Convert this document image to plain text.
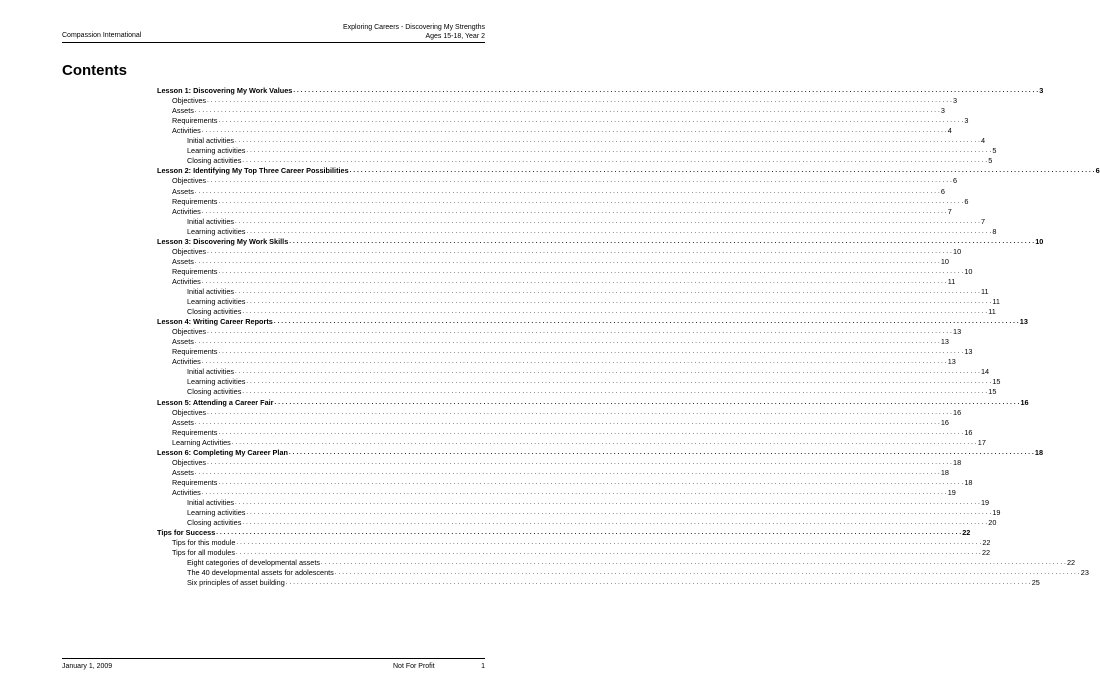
Compassion International
Exploring Careers - Discovering My Strengths
Ages 15-18, Year 2
Contents
Lesson 1: Discovering My Work Values . . . . . . . . . . . . . . . . . . . . . . . . . . . . . . . . . . . . . . . . . . . . . . . . . . . . . . . . . . . . . . . . . . . . . . . . . . . . . . . . . . . . . . . . . . . . . . . . . . . . . . . . . . . . . . . . . . . . . . . . . . . . . . . . . . . . . . . . . . . . . . . . . . . . . . . . . . . . . . . . . . . . . . . . . . . . . . . . . . . . . . . . . . . . . . . . . . . . . . . . 3
Objectives . . . . . . . . . . . . . . . . . . . . . . . . . . . . . . . . . . . . . . . . . . . . . . . . . . . . . . . . . . . . . . . . . . . . . . . . . . . . . . . . . . . . . . . . . . . . . . . . . . . . . . . . . . . . . . . . . . . . . . . . . . . . . . . . . . . . . . . . . . . . . . . . . . . . . . . . . . . . . . . . . . . . . . . . . . . . . . . . . . . . . . . . . . . . . . . . . . . . . . . . 3
Assets . . . . . . . . . . . . . . . . . . . . . . . . . . . . . . . . . . . . . . . . . . . . . . . . . . . . . . . . . . . . . . . . . . . . . . . . . . . . . . . . . . . . . . . . . . . . . . . . . . . . . . . . . . . . . . . . . . . . . . . . . . . . . . . . . . . . . . . . . . . . . . . . . . . . . . . . . . . . . . . . . . . . . . . . . . . . . . . . . . . . . . . . . . . . . . . . . . . . . . . . 3
Requirements . . . . . . . . . . . . . . . . . . . . . . . . . . . . . . . . . . . . . . . . . . . . . . . . . . . . . . . . . . . . . . . . . . . . . . . . . . . . . . . . . . . . . . . . . . . . . . . . . . . . . . . . . . . . . . . . . . . . . . . . . . . . . . . . . . . . . . . . . . . . . . . . . . . . . . . . . . . . . . . . . . . . . . . . . . . . . . . . . . . . . . . . . . . . . . . . . . . . . . . . 3
Activities . . . . . . . . . . . . . . . . . . . . . . . . . . . . . . . . . . . . . . . . . . . . . . . . . . . . . . . . . . . . . . . . . . . . . . . . . . . . . . . . . . . . . . . . . . . . . . . . . . . . . . . . . . . . . . . . . . . . . . . . . . . . . . . . . . . . . . . . . . . . . . . . . . . . . . . . . . . . . . . . . . . . . . . . . . . . . . . . . . . . . . . . . . . . . . . . . . . . . . . . 4
Initial activities . . . . . . . . . . . . . . . . . . . . . . . . . . . . . . . . . . . . . . . . . . . . . . . . . . . . . . . . . . . . . . . . . . . . . . . . . . . . . . . . . . . . . . . . . . . . . . . . . . . . . . . . . . . . . . . . . . . . . . . . . . . . . . . . . . . . . . . . . . . . . . . . . . . . . . . . . . . . . . . . . . . . . . . . . . . . . . . . . . . . . . . . . . . . . . . . . . . . . . . . 4
Learning activities . . . . . . . . . . . . . . . . . . . . . . . . . . . . . . . . . . . . . . . . . . . . . . . . . . . . . . . . . . . . . . . . . . . . . . . . . . . . . . . . . . . . . . . . . . . . . . . . . . . . . . . . . . . . . . . . . . . . . . . . . . . . . . . . . . . . . . . . . . . . . . . . . . . . . . . . . . . . . . . . . . . . . . . . . . . . . . . . . . . . . . . . . . . . . . . . . . . . . . . . 5
Closing activities . . . . . . . . . . . . . . . . . . . . . . . . . . . . . . . . . . . . . . . . . . . . . . . . . . . . . . . . . . . . . . . . . . . . . . . . . . . . . . . . . . . . . . . . . . . . . . . . . . . . . . . . . . . . . . . . . . . . . . . . . . . . . . . . . . . . . . . . . . . . . . . . . . . . . . . . . . . . . . . . . . . . . . . . . . . . . . . . . . . . . . . . . . . . . . . . . . . . . . . . 5
Lesson 2: Identifying My Top Three Career Possibilities . . . . . . . . . . . . . . . . . . . . . . . . . . . . . . . . . . . . . . . . . . . . . . . . . . . . . . . . . . . . . . . . . . . . . . . . . . . . . . . . . . . . . . . . . . . . . . . . . . . . . . . . . . . . . . . . . . . . . . . . . . . . . . . . . . . . . . . . . . . . . . . . . . . . . . . . . . . . . . . . . . . . . . . . . . . . . . . . . . . . . . . . . . . . . . . . . . . . . . . . 6
Objectives . . . . . . . . . . . . . . . . . . . . . . . . . . . . . . . . . . . . . . . . . . . . . . . . . . . . . . . . . . . . . . . . . . . . . . . . . . . . . . . . . . . . . . . . . . . . . . . . . . . . . . . . . . . . . . . . . . . . . . . . . . . . . . . . . . . . . . . . . . . . . . . . . . . . . . . . . . . . . . . . . . . . . . . . . . . . . . . . . . . . . . . . . . . . . . . . . . . . . . . . 6
Assets . . . . . . . . . . . . . . . . . . . . . . . . . . . . . . . . . . . . . . . . . . . . . . . . . . . . . . . . . . . . . . . . . . . . . . . . . . . . . . . . . . . . . . . . . . . . . . . . . . . . . . . . . . . . . . . . . . . . . . . . . . . . . . . . . . . . . . . . . . . . . . . . . . . . . . . . . . . . . . . . . . . . . . . . . . . . . . . . . . . . . . . . . . . . . . . . . . . . . . . . 6
Requirements . . . . . . . . . . . . . . . . . . . . . . . . . . . . . . . . . . . . . . . . . . . . . . . . . . . . . . . . . . . . . . . . . . . . . . . . . . . . . . . . . . . . . . . . . . . . . . . . . . . . . . . . . . . . . . . . . . . . . . . . . . . . . . . . . . . . . . . . . . . . . . . . . . . . . . . . . . . . . . . . . . . . . . . . . . . . . . . . . . . . . . . . . . . . . . . . . . . . . . . . 6
Activities . . . . . . . . . . . . . . . . . . . . . . . . . . . . . . . . . . . . . . . . . . . . . . . . . . . . . . . . . . . . . . . . . . . . . . . . . . . . . . . . . . . . . . . . . . . . . . . . . . . . . . . . . . . . . . . . . . . . . . . . . . . . . . . . . . . . . . . . . . . . . . . . . . . . . . . . . . . . . . . . . . . . . . . . . . . . . . . . . . . . . . . . . . . . . . . . . . . . . . . . 7
Initial activities . . . . . . . . . . . . . . . . . . . . . . . . . . . . . . . . . . . . . . . . . . . . . . . . . . . . . . . . . . . . . . . . . . . . . . . . . . . . . . . . . . . . . . . . . . . . . . . . . . . . . . . . . . . . . . . . . . . . . . . . . . . . . . . . . . . . . . . . . . . . . . . . . . . . . . . . . . . . . . . . . . . . . . . . . . . . . . . . . . . . . . . . . . . . . . . . . . . . . . . . 7
Learning activities . . . . . . . . . . . . . . . . . . . . . . . . . . . . . . . . . . . . . . . . . . . . . . . . . . . . . . . . . . . . . . . . . . . . . . . . . . . . . . . . . . . . . . . . . . . . . . . . . . . . . . . . . . . . . . . . . . . . . . . . . . . . . . . . . . . . . . . . . . . . . . . . . . . . . . . . . . . . . . . . . . . . . . . . . . . . . . . . . . . . . . . . . . . . . . . . . . . . . . . . 8
Lesson 3: Discovering My Work Skills . . . . . . . . . . . . . . . . . . . . . . . . . . . . . . . . . . . . . . . . . . . . . . . . . . . . . . . . . . . . . . . . . . . . . . . . . . . . . . . . . . . . . . . . . . . . . . . . . . . . . . . . . . . . . . . . . . . . . . . . . . . . . . . . . . . . . . . . . . . . . . . . . . . . . . . . . . . . . . . . . . . . . . . . . . . . . . . . . . . . . . . . . . . . . . . . . . . . . . . . 10
Objectives . . . . . . . . . . . . . . . . . . . . . . . . . . . . . . . . . . . . . . . . . . . . . . . . . . . . . . . . . . . . . . . . . . . . . . . . . . . . . . . . . . . . . . . . . . . . . . . . . . . . . . . . . . . . . . . . . . . . . . . . . . . . . . . . . . . . . . . . . . . . . . . . . . . . . . . . . . . . . . . . . . . . . . . . . . . . . . . . . . . . . . . . . . . . . . . . . . . . . . . . 10
Assets . . . . . . . . . . . . . . . . . . . . . . . . . . . . . . . . . . . . . . . . . . . . . . . . . . . . . . . . . . . . . . . . . . . . . . . . . . . . . . . . . . . . . . . . . . . . . . . . . . . . . . . . . . . . . . . . . . . . . . . . . . . . . . . . . . . . . . . . . . . . . . . . . . . . . . . . . . . . . . . . . . . . . . . . . . . . . . . . . . . . . . . . . . . . . . . . . . . . . . . . 10
Requirements . . . . . . . . . . . . . . . . . . . . . . . . . . . . . . . . . . . . . . . . . . . . . . . . . . . . . . . . . . . . . . . . . . . . . . . . . . . . . . . . . . . . . . . . . . . . . . . . . . . . . . . . . . . . . . . . . . . . . . . . . . . . . . . . . . . . . . . . . . . . . . . . . . . . . . . . . . . . . . . . . . . . . . . . . . . . . . . . . . . . . . . . . . . . . . . . . . . . . . . . 10
Activities . . . . . . . . . . . . . . . . . . . . . . . . . . . . . . . . . . . . . . . . . . . . . . . . . . . . . . . . . . . . . . . . . . . . . . . . . . . . . . . . . . . . . . . . . . . . . . . . . . . . . . . . . . . . . . . . . . . . . . . . . . . . . . . . . . . . . . . . . . . . . . . . . . . . . . . . . . . . . . . . . . . . . . . . . . . . . . . . . . . . . . . . . . . . . . . . . . . . . . . . 11
Initial activities . . . . . . . . . . . . . . . . . . . . . . . . . . . . . . . . . . . . . . . . . . . . . . . . . . . . . . . . . . . . . . . . . . . . . . . . . . . . . . . . . . . . . . . . . . . . . . . . . . . . . . . . . . . . . . . . . . . . . . . . . . . . . . . . . . . . . . . . . . . . . . . . . . . . . . . . . . . . . . . . . . . . . . . . . . . . . . . . . . . . . . . . . . . . . . . . . . . . . . . . 11
Learning activities . . . . . . . . . . . . . . . . . . . . . . . . . . . . . . . . . . . . . . . . . . . . . . . . . . . . . . . . . . . . . . . . . . . . . . . . . . . . . . . . . . . . . . . . . . . . . . . . . . . . . . . . . . . . . . . . . . . . . . . . . . . . . . . . . . . . . . . . . . . . . . . . . . . . . . . . . . . . . . . . . . . . . . . . . . . . . . . . . . . . . . . . . . . . . . . . . . . . . . . . 11
Closing activities . . . . . . . . . . . . . . . . . . . . . . . . . . . . . . . . . . . . . . . . . . . . . . . . . . . . . . . . . . . . . . . . . . . . . . . . . . . . . . . . . . . . . . . . . . . . . . . . . . . . . . . . . . . . . . . . . . . . . . . . . . . . . . . . . . . . . . . . . . . . . . . . . . . . . . . . . . . . . . . . . . . . . . . . . . . . . . . . . . . . . . . . . . . . . . . . . . . . . . . . 11
Lesson 4: Writing Career Reports . . . . . . . . . . . . . . . . . . . . . . . . . . . . . . . . . . . . . . . . . . . . . . . . . . . . . . . . . . . . . . . . . . . . . . . . . . . . . . . . . . . . . . . . . . . . . . . . . . . . . . . . . . . . . . . . . . . . . . . . . . . . . . . . . . . . . . . . . . . . . . . . . . . . . . . . . . . . . . . . . . . . . . . . . . . . . . . . . . . . . . . . . . . . . . . . . . . . . . . . 13
Objectives . . . . . . . . . . . . . . . . . . . . . . . . . . . . . . . . . . . . . . . . . . . . . . . . . . . . . . . . . . . . . . . . . . . . . . . . . . . . . . . . . . . . . . . . . . . . . . . . . . . . . . . . . . . . . . . . . . . . . . . . . . . . . . . . . . . . . . . . . . . . . . . . . . . . . . . . . . . . . . . . . . . . . . . . . . . . . . . . . . . . . . . . . . . . . . . . . . . . . . . . 13
Assets . . . . . . . . . . . . . . . . . . . . . . . . . . . . . . . . . . . . . . . . . . . . . . . . . . . . . . . . . . . . . . . . . . . . . . . . . . . . . . . . . . . . . . . . . . . . . . . . . . . . . . . . . . . . . . . . . . . . . . . . . . . . . . . . . . . . . . . . . . . . . . . . . . . . . . . . . . . . . . . . . . . . . . . . . . . . . . . . . . . . . . . . . . . . . . . . . . . . . . . . 13
Requirements . . . . . . . . . . . . . . . . . . . . . . . . . . . . . . . . . . . . . . . . . . . . . . . . . . . . . . . . . . . . . . . . . . . . . . . . . . . . . . . . . . . . . . . . . . . . . . . . . . . . . . . . . . . . . . . . . . . . . . . . . . . . . . . . . . . . . . . . . . . . . . . . . . . . . . . . . . . . . . . . . . . . . . . . . . . . . . . . . . . . . . . . . . . . . . . . . . . . . . . . 13
Activities . . . . . . . . . . . . . . . . . . . . . . . . . . . . . . . . . . . . . . . . . . . . . . . . . . . . . . . . . . . . . . . . . . . . . . . . . . . . . . . . . . . . . . . . . . . . . . . . . . . . . . . . . . . . . . . . . . . . . . . . . . . . . . . . . . . . . . . . . . . . . . . . . . . . . . . . . . . . . . . . . . . . . . . . . . . . . . . . . . . . . . . . . . . . . . . . . . . . . . . . 13
Initial activities . . . . . . . . . . . . . . . . . . . . . . . . . . . . . . . . . . . . . . . . . . . . . . . . . . . . . . . . . . . . . . . . . . . . . . . . . . . . . . . . . . . . . . . . . . . . . . . . . . . . . . . . . . . . . . . . . . . . . . . . . . . . . . . . . . . . . . . . . . . . . . . . . . . . . . . . . . . . . . . . . . . . . . . . . . . . . . . . . . . . . . . . . . . . . . . . . . . . . . . . 14
Learning activities . . . . . . . . . . . . . . . . . . . . . . . . . . . . . . . . . . . . . . . . . . . . . . . . . . . . . . . . . . . . . . . . . . . . . . . . . . . . . . . . . . . . . . . . . . . . . . . . . . . . . . . . . . . . . . . . . . . . . . . . . . . . . . . . . . . . . . . . . . . . . . . . . . . . . . . . . . . . . . . . . . . . . . . . . . . . . . . . . . . . . . . . . . . . . . . . . . . . . . . . 15
Closing activities . . . . . . . . . . . . . . . . . . . . . . . . . . . . . . . . . . . . . . . . . . . . . . . . . . . . . . . . . . . . . . . . . . . . . . . . . . . . . . . . . . . . . . . . . . . . . . . . . . . . . . . . . . . . . . . . . . . . . . . . . . . . . . . . . . . . . . . . . . . . . . . . . . . . . . . . . . . . . . . . . . . . . . . . . . . . . . . . . . . . . . . . . . . . . . . . . . . . . . . . 15
Lesson 5: Attending a Career Fair . . . . . . . . . . . . . . . . . . . . . . . . . . . . . . . . . . . . . . . . . . . . . . . . . . . . . . . . . . . . . . . . . . . . . . . . . . . . . . . . . . . . . . . . . . . . . . . . . . . . . . . . . . . . . . . . . . . . . . . . . . . . . . . . . . . . . . . . . . . . . . . . . . . . . . . . . . . . . . . . . . . . . . . . . . . . . . . . . . . . . . . . . . . . . . . . . . . . . . . . 16
Objectives . . . . . . . . . . . . . . . . . . . . . . . . . . . . . . . . . . . . . . . . . . . . . . . . . . . . . . . . . . . . . . . . . . . . . . . . . . . . . . . . . . . . . . . . . . . . . . . . . . . . . . . . . . . . . . . . . . . . . . . . . . . . . . . . . . . . . . . . . . . . . . . . . . . . . . . . . . . . . . . . . . . . . . . . . . . . . . . . . . . . . . . . . . . . . . . . . . . . . . . . 16
Assets . . . . . . . . . . . . . . . . . . . . . . . . . . . . . . . . . . . . . . . . . . . . . . . . . . . . . . . . . . . . . . . . . . . . . . . . . . . . . . . . . . . . . . . . . . . . . . . . . . . . . . . . . . . . . . . . . . . . . . . . . . . . . . . . . . . . . . . . . . . . . . . . . . . . . . . . . . . . . . . . . . . . . . . . . . . . . . . . . . . . . . . . . . . . . . . . . . . . . . . . 16
Requirements . . . . . . . . . . . . . . . . . . . . . . . . . . . . . . . . . . . . . . . . . . . . . . . . . . . . . . . . . . . . . . . . . . . . . . . . . . . . . . . . . . . . . . . . . . . . . . . . . . . . . . . . . . . . . . . . . . . . . . . . . . . . . . . . . . . . . . . . . . . . . . . . . . . . . . . . . . . . . . . . . . . . . . . . . . . . . . . . . . . . . . . . . . . . . . . . . . . . . . . . 16
Learning Activities . . . . . . . . . . . . . . . . . . . . . . . . . . . . . . . . . . . . . . . . . . . . . . . . . . . . . . . . . . . . . . . . . . . . . . . . . . . . . . . . . . . . . . . . . . . . . . . . . . . . . . . . . . . . . . . . . . . . . . . . . . . . . . . . . . . . . . . . . . . . . . . . . . . . . . . . . . . . . . . . . . . . . . . . . . . . . . . . . . . . . . . . . . . . . . . . . . . . . . . . 17
Lesson 6: Completing My Career Plan . . . . . . . . . . . . . . . . . . . . . . . . . . . . . . . . . . . . . . . . . . . . . . . . . . . . . . . . . . . . . . . . . . . . . . . . . . . . . . . . . . . . . . . . . . . . . . . . . . . . . . . . . . . . . . . . . . . . . . . . . . . . . . . . . . . . . . . . . . . . . . . . . . . . . . . . . . . . . . . . . . . . . . . . . . . . . . . . . . . . . . . . . . . . . . . . . . . . . . . . 18
Objectives . . . . . . . . . . . . . . . . . . . . . . . . . . . . . . . . . . . . . . . . . . . . . . . . . . . . . . . . . . . . . . . . . . . . . . . . . . . . . . . . . . . . . . . . . . . . . . . . . . . . . . . . . . . . . . . . . . . . . . . . . . . . . . . . . . . . . . . . . . . . . . . . . . . . . . . . . . . . . . . . . . . . . . . . . . . . . . . . . . . . . . . . . . . . . . . . . . . . . . . . 18
Assets . . . . . . . . . . . . . . . . . . . . . . . . . . . . . . . . . . . . . . . . . . . . . . . . . . . . . . . . . . . . . . . . . . . . . . . . . . . . . . . . . . . . . . . . . . . . . . . . . . . . . . . . . . . . . . . . . . . . . . . . . . . . . . . . . . . . . . . . . . . . . . . . . . . . . . . . . . . . . . . . . . . . . . . . . . . . . . . . . . . . . . . . . . . . . . . . . . . . . . . . 18
Requirements . . . . . . . . . . . . . . . . . . . . . . . . . . . . . . . . . . . . . . . . . . . . . . . . . . . . . . . . . . . . . . . . . . . . . . . . . . . . . . . . . . . . . . . . . . . . . . . . . . . . . . . . . . . . . . . . . . . . . . . . . . . . . . . . . . . . . . . . . . . . . . . . . . . . . . . . . . . . . . . . . . . . . . . . . . . . . . . . . . . . . . . . . . . . . . . . . . . . . . . . 18
Activities . . . . . . . . . . . . . . . . . . . . . . . . . . . . . . . . . . . . . . . . . . . . . . . . . . . . . . . . . . . . . . . . . . . . . . . . . . . . . . . . . . . . . . . . . . . . . . . . . . . . . . . . . . . . . . . . . . . . . . . . . . . . . . . . . . . . . . . . . . . . . . . . . . . . . . . . . . . . . . . . . . . . . . . . . . . . . . . . . . . . . . . . . . . . . . . . . . . . . . . . 19
Initial activities . . . . . . . . . . . . . . . . . . . . . . . . . . . . . . . . . . . . . . . . . . . . . . . . . . . . . . . . . . . . . . . . . . . . . . . . . . . . . . . . . . . . . . . . . . . . . . . . . . . . . . . . . . . . . . . . . . . . . . . . . . . . . . . . . . . . . . . . . . . . . . . . . . . . . . . . . . . . . . . . . . . . . . . . . . . . . . . . . . . . . . . . . . . . . . . . . . . . . . . . 19
Learning activities . . . . . . . . . . . . . . . . . . . . . . . . . . . . . . . . . . . . . . . . . . . . . . . . . . . . . . . . . . . . . . . . . . . . . . . . . . . . . . . . . . . . . . . . . . . . . . . . . . . . . . . . . . . . . . . . . . . . . . . . . . . . . . . . . . . . . . . . . . . . . . . . . . . . . . . . . . . . . . . . . . . . . . . . . . . . . . . . . . . . . . . . . . . . . . . . . . . . . . . . 19
Closing activities . . . . . . . . . . . . . . . . . . . . . . . . . . . . . . . . . . . . . . . . . . . . . . . . . . . . . . . . . . . . . . . . . . . . . . . . . . . . . . . . . . . . . . . . . . . . . . . . . . . . . . . . . . . . . . . . . . . . . . . . . . . . . . . . . . . . . . . . . . . . . . . . . . . . . . . . . . . . . . . . . . . . . . . . . . . . . . . . . . . . . . . . . . . . . . . . . . . . . . . . 20
Tips for Success . . . . . . . . . . . . . . . . . . . . . . . . . . . . . . . . . . . . . . . . . . . . . . . . . . . . . . . . . . . . . . . . . . . . . . . . . . . . . . . . . . . . . . . . . . . . . . . . . . . . . . . . . . . . . . . . . . . . . . . . . . . . . . . . . . . . . . . . . . . . . . . . . . . . . . . . . . . . . . . . . . . . . . . . . . . . . . . . . . . . . . . . . . . . . . . . . . . . . . . . 22
Tips for this module . . . . . . . . . . . . . . . . . . . . . . . . . . . . . . . . . . . . . . . . . . . . . . . . . . . . . . . . . . . . . . . . . . . . . . . . . . . . . . . . . . . . . . . . . . . . . . . . . . . . . . . . . . . . . . . . . . . . . . . . . . . . . . . . . . . . . . . . . . . . . . . . . . . . . . . . . . . . . . . . . . . . . . . . . . . . . . . . . . . . . . . . . . . . . . . . . . . . . . . . 22
Tips for all modules . . . . . . . . . . . . . . . . . . . . . . . . . . . . . . . . . . . . . . . . . . . . . . . . . . . . . . . . . . . . . . . . . . . . . . . . . . . . . . . . . . . . . . . . . . . . . . . . . . . . . . . . . . . . . . . . . . . . . . . . . . . . . . . . . . . . . . . . . . . . . . . . . . . . . . . . . . . . . . . . . . . . . . . . . . . . . . . . . . . . . . . . . . . . . . . . . . . . . . . . 22
Eight categories of developmental assets . . . . . . . . . . . . . . . . . . . . . . . . . . . . . . . . . . . . . . . . . . . . . . . . . . . . . . . . . . . . . . . . . . . . . . . . . . . . . . . . . . . . . . . . . . . . . . . . . . . . . . . . . . . . . . . . . . . . . . . . . . . . . . . . . . . . . . . . . . . . . . . . . . . . . . . . . . . . . . . . . . . . . . . . . . . . . . . . . . . . . . . . . . . . . . . . . . . . . . . . 22
The 40 developmental assets for adolescents . . . . . . . . . . . . . . . . . . . . . . . . . . . . . . . . . . . . . . . . . . . . . . . . . . . . . . . . . . . . . . . . . . . . . . . . . . . . . . . . . . . . . . . . . . . . . . . . . . . . . . . . . . . . . . . . . . . . . . . . . . . . . . . . . . . . . . . . . . . . . . . . . . . . . . . . . . . . . . . . . . . . . . . . . . . . . . . . . . . . . . . . . . . . . . . . . . . . . . . . 23
Six principles of asset building . . . . . . . . . . . . . . . . . . . . . . . . . . . . . . . . . . . . . . . . . . . . . . . . . . . . . . . . . . . . . . . . . . . . . . . . . . . . . . . . . . . . . . . . . . . . . . . . . . . . . . . . . . . . . . . . . . . . . . . . . . . . . . . . . . . . . . . . . . . . . . . . . . . . . . . . . . . . . . . . . . . . . . . . . . . . . . . . . . . . . . . . . . . . . . . . . . . . . . . . 25
January 1, 2009	Not For Profit	1
